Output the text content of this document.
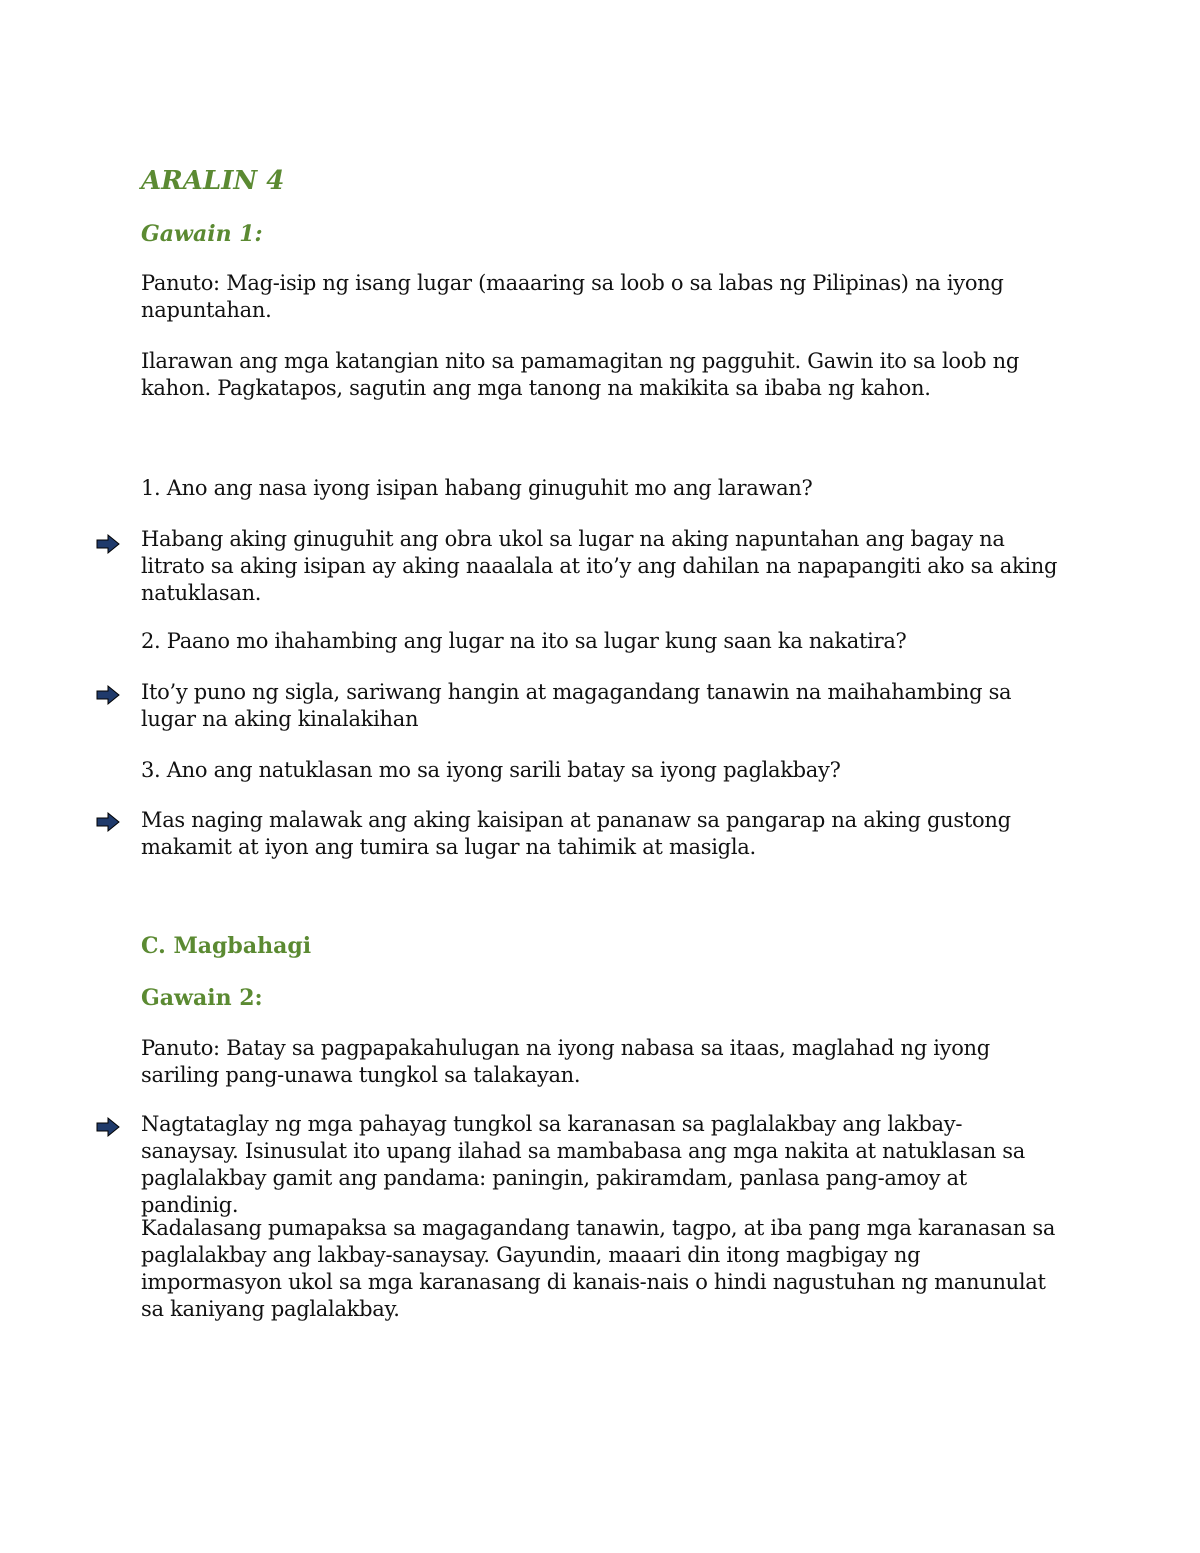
ARALIN 4
Gawain 1:

Panuto: Mag-isip ng isang lugar (maaaring sa loob o sa labas ng Pilipinas) na iyong napuntahan.

Ilarawan ang mga katangian nito sa pamamagitan ng pagguhit. Gawin ito sa loob ng kahon. Pagkatapos, sagutin ang mga tanong na makikita sa ibaba ng kahon.

1. Ano ang nasa iyong isipan habang ginuguhit mo ang larawan?

Habang aking ginuguhit ang obra ukol sa lugar na aking napuntahan ang bagay na litrato sa aking isipan ay aking naaalala at ito’y ang dahilan na napapangiti ako sa aking natuklasan.

2. Paano mo ihahambing ang lugar na ito sa lugar kung saan ka nakatira?

Ito’y puno ng sigla, sariwang hangin at magagandang tanawin na maihahambing sa lugar na aking kinalakihan

3. Ano ang natuklasan mo sa iyong sarili batay sa iyong paglakbay?

Mas naging malawak ang aking kaisipan at pananaw sa pangarap na aking gustong makamit at iyon ang tumira sa lugar na tahimik at masigla.

C. Magbahagi
Gawain 2:

Panuto: Batay sa pagpapakahulugan na iyong nabasa sa itaas, maglahad ng iyong sariling pang-unawa tungkol sa talakayan.

Nagtataglay ng mga pahayag tungkol sa karanasan sa paglalakbay ang lakbay- sanaysay. Isinusulat ito upang ilahad sa mambabasa ang mga nakita at natuklasan sa paglalakbay gamit ang pandama: paningin, pakiramdam, panlasa pang-amoy at pandinig.

Kadalasang pumapaksa sa magagandang tanawin, tagpo, at iba pang mga karanasan sa paglalakbay ang lakbay-sanaysay. Gayundin, maaari din itong magbigay ng impormasyon ukol sa mga karanasang di kanais-nais o hindi nagustuhan ng manunulat sa kaniyang paglalakbay.
